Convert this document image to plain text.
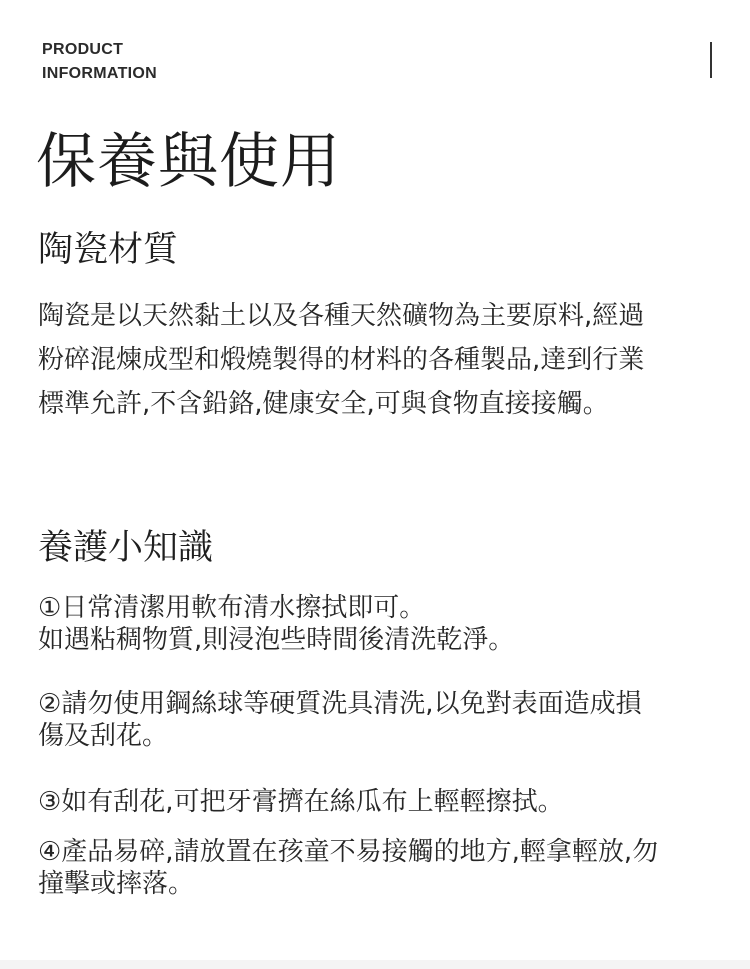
PRODUCT
INFORMATION
保養與使用
陶瓷材質

陶瓷是以天然黏土以及各種天然礦物為主要原料,經過
粉碎混煉成型和煅燒製得的材料的各種製品,達到行業
標準允許,不含鉛鉻,健康安全,可與食物直接接觸。

養護小知識

①日常清潔用軟布清水擦拭即可。
如遇粘稠物質,則浸泡些時間後清洗乾淨。

②請勿使用鋼絲球等硬質洗具清洗,以免對表面造成損
傷及刮花。

③如有刮花,可把牙膏擠在絲瓜布上輕輕擦拭。

④產品易碎,請放置在孩童不易接觸的地方,輕拿輕放,勿
撞擊或摔落。
